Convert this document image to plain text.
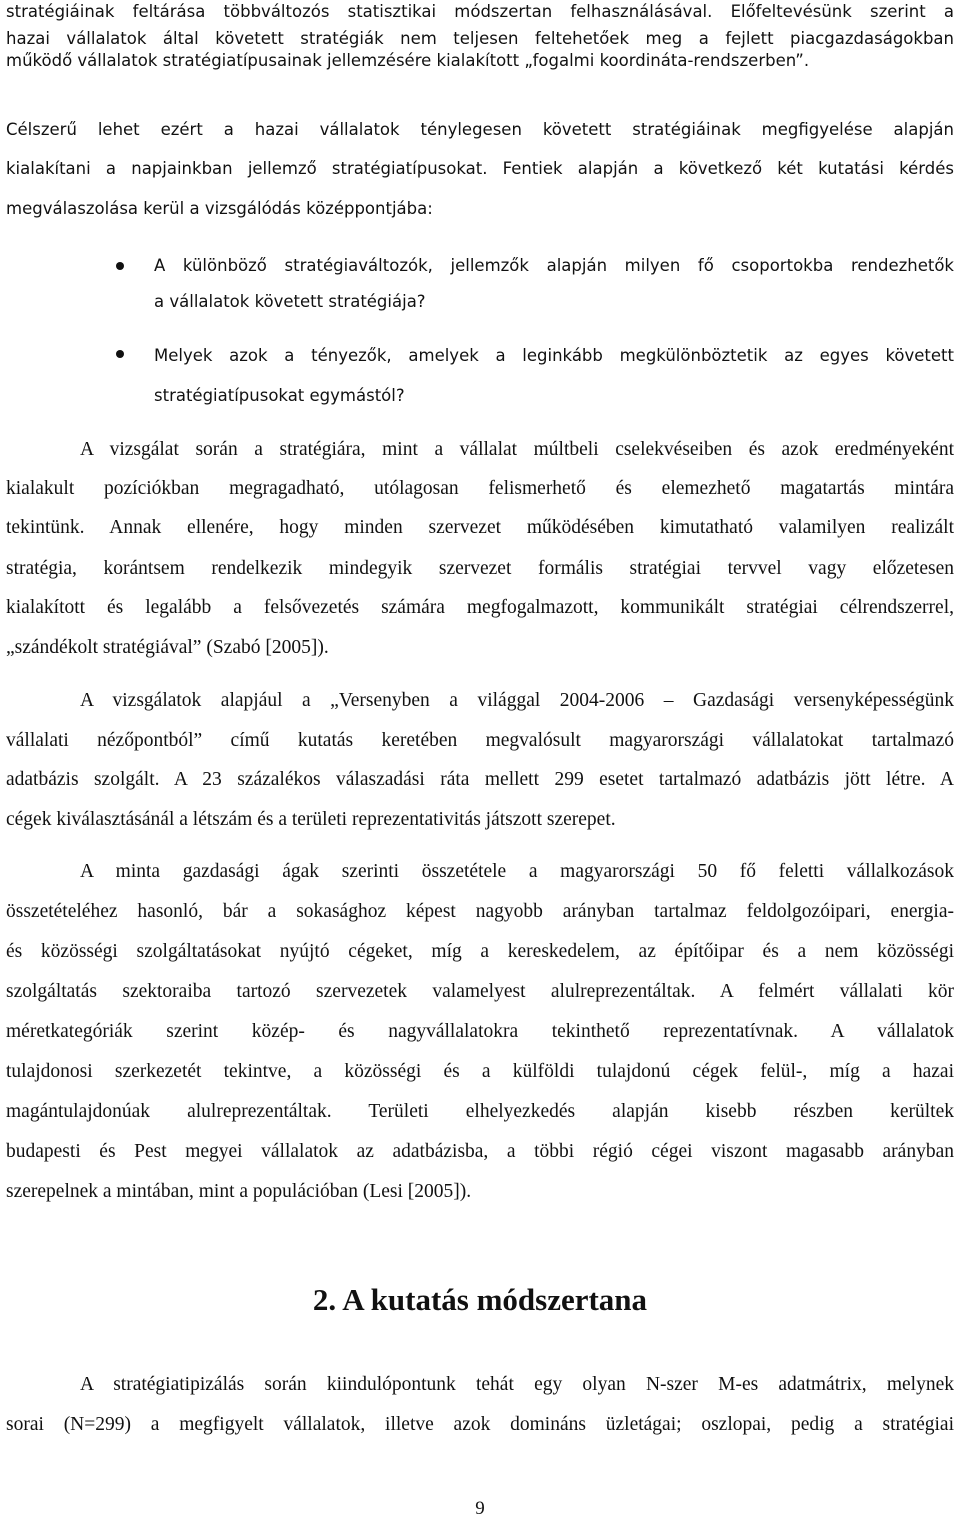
stratégiáinak feltárása többváltozós statisztikai módszertan felhasználásával. Előfeltevésünk szerint a
hazai vállalatok által követett stratégiák nem teljesen feltehetőek meg a fejlett piacgazdaságokban
működő vállalatok stratégiatípusainak jellemzésére kialakított „fogalmi koordináta-rendszerben”.
Célszerű lehet ezért a hazai vállalatok ténylegesen követett stratégiáinak megfigyelése alapján
kialakítani a napjainkban jellemző stratégiatípusokat. Fentiek alapján a következő két kutatási kérdés
megválaszolása kerül a vizsgálódás középpontjába:
A különböző stratégiaváltozók, jellemzők alapján milyen fő csoportokba rendezhetők
a vállalatok követett stratégiája?
Melyek azok a tényezők, amelyek a leginkább megkülönböztetik az egyes követett
stratégiatípusokat egymástól?
A vizsgálat során a stratégiára, mint a vállalat múltbeli cselekvéseiben és azok eredményeként
kialakult pozíciókban megragadható, utólagosan felismerhető és elemezhető magatartás mintára
tekintünk. Annak ellenére, hogy minden szervezet működésében kimutatható valamilyen realizált
stratégia, korántsem rendelkezik mindegyik szervezet formális stratégiai tervvel vagy előzetesen
kialakított és legalább a felsővezetés számára megfogalmazott, kommunikált stratégiai célrendszerrel,
„szándékolt stratégiával” (Szabó [2005]).
A vizsgálatok alapjául a „Versenyben a világgal 2004-2006 – Gazdasági versenyképességünk
vállalati nézőpontból” című kutatás keretében megvalósult magyarországi vállalatokat tartalmazó
adatbázis szolgált. A 23 százalékos válaszadási ráta mellett 299 esetet tartalmazó adatbázis jött létre. A
cégek kiválasztásánál a létszám és a területi reprezentativitás játszott szerepet.
A minta gazdasági ágak szerinti összetétele a magyarországi 50 fő feletti vállalkozások
összetételéhez hasonló, bár a sokasághoz képest nagyobb arányban tartalmaz feldolgozóipari, energia-
és közösségi szolgáltatásokat nyújtó cégeket, míg a kereskedelem, az építőipar és a nem közösségi
szolgáltatás szektoraiba tartozó szervezetek valamelyest alulreprezentáltak. A felmért vállalati kör
méretkategóriák szerint közép- és nagyvállalatokra tekinthető reprezentatívnak. A vállalatok
tulajdonosi szerkezetét tekintve, a közösségi és a külföldi tulajdonú cégek felül-, míg a hazai
magántulajdonúak alulreprezentáltak. Területi elhelyezkedés alapján kisebb részben kerültek
budapesti és Pest megyei vállalatok az adatbázisba, a többi régió cégei viszont magasabb arányban
szerepelnek a mintában, mint a populációban (Lesi [2005]).
A stratégiatipizálás során kiindulópontunk tehát egy olyan N-szer M-es adatmátrix, melynek
sorai (N=299) a megfigyelt vállalatok, illetve azok domináns üzletágai; oszlopai, pedig a stratégiai
2. A kutatás módszertana
9
